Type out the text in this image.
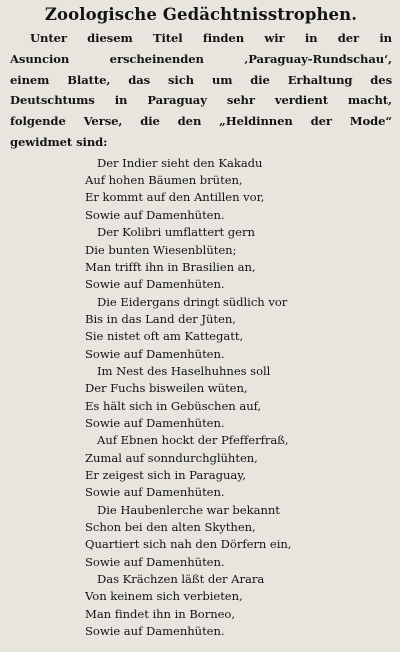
Zoologische Gedächtnisstrophen.
Unter diesem Titel finden wir in der in
Asuncion erscheinenden ‚Paraguay-Rundschau‘,
einem Blatte, das sich um die Erhaltung des
Deutschtums in Paraguay sehr verdient macht,
folgende Verse, die den „Heldinnen der Mode“
gewidmet sind:
Der Indier sieht den Kakadu
Auf hohen Bäumen brüten,
Er kommt auf den Antillen vor,
Sowie auf Damenhüten.
Der Kolibri umflattert gern
Die bunten Wiesenblüten;
Man trifft ihn in Brasilien an,
Sowie auf Damenhüten.
Die Eidergans dringt südlich vor
Bis in das Land der Jüten,
Sie nistet oft am Kattegatt,
Sowie auf Damenhüten.
Im Nest des Haselhuhnes soll
Der Fuchs bisweilen wüten,
Es hält sich in Gebüschen auf,
Sowie auf Damenhüten.
Auf Ebnen hockt der Pfefferfraß,
Zumal auf sonndurchglühten,
Er zeigest sich in Paraguay,
Sowie auf Damenhüten.
Die Haubenlerche war bekannt
Schon bei den alten Skythen,
Quartiert sich nah den Dörfern ein,
Sowie auf Damenhüten.
Das Krächzen läßt der Arara
Von keinem sich verbieten,
Man findet ihn in Borneo,
Sowie auf Damenhüten.
